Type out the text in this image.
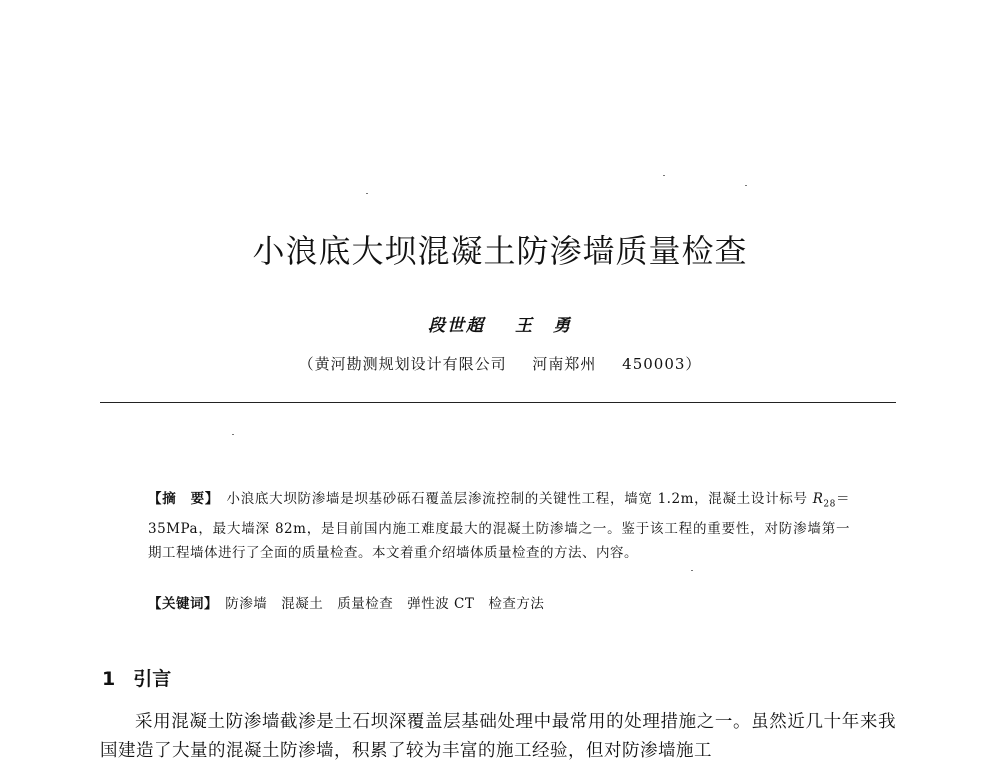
小浪底大坝混凝土防渗墙质量检查
段世超 王　勇
（黄河勘测规划设计有限公司 河南郑州 450003）
【摘　要】　 小浪底大坝防渗墙是坝基砂砾石覆盖层渗流控制的关键性工程，墙宽 1.2m，混凝土设计标号 $R_{28}=35MPa$，最大墙深 82m，是目前国内施工难度最大的混凝土防渗墙之一。鉴于该工程的重要性，对防渗墙第一期工程墙体进行了全面的质量检查。本文着重介绍墙体质量检查的方法、内容。
【关键词】　 防渗墙 混凝土 质量检查 弹性波 CT 检查方法
1 引言
采用混凝土防渗墙截渗是土石坝深覆盖层基础处理中最常用的处理措施之一。虽然近几十年来我国建造了大量的混凝土防渗墙，积累了较为丰富的施工经验，但对防渗墙施工
